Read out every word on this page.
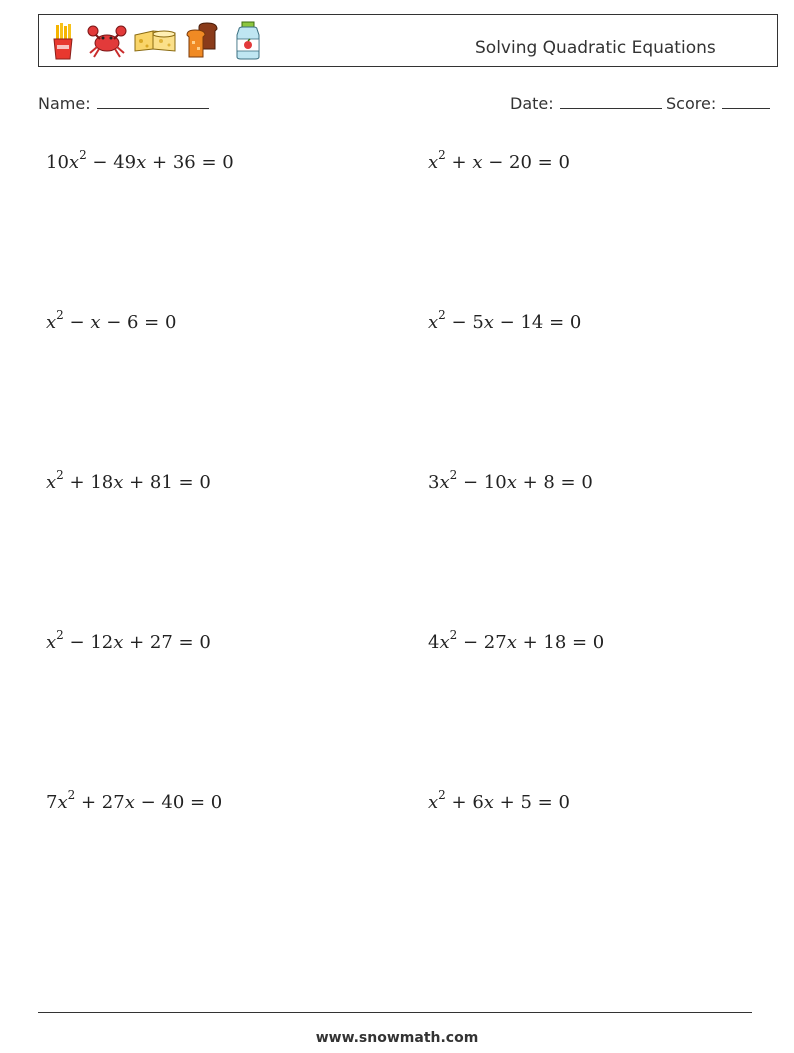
Solving Quadratic Equations
Name:	Date:	Score:
$10x^2 - 49x + 36 = 0$	$x^2 + x - 20 = 0$
$x^2 - x - 6 = 0$	$x^2 - 5x - 14 = 0$
$x^2 + 18x + 81 = 0$	$3x^2 - 10x + 8 = 0$
$x^2 - 12x + 27 = 0$	$4x^2 - 27x + 18 = 0$
$7x^2 + 27x - 40 = 0$	$x^2 + 6x + 5 = 0$
www.snowmath.com
